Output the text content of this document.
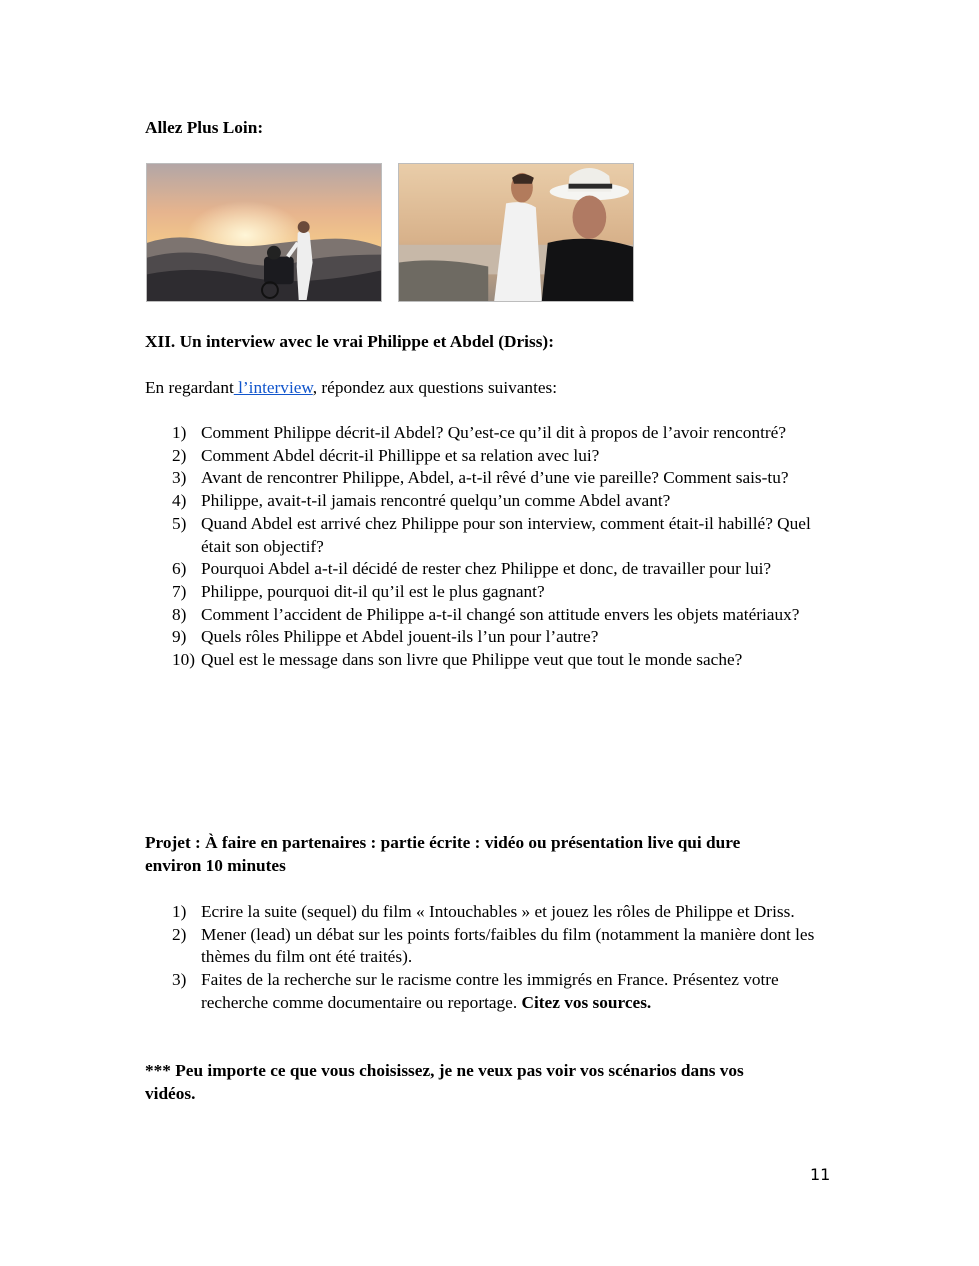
Allez Plus Loin:
XII. Un interview avec le vrai Philippe et Abdel (Driss):
En regardant l’interview, répondez aux questions suivantes:
1) Comment Philippe décrit-il Abdel? Qu’est-ce qu’il dit à propos de l’avoir rencontré?
2) Comment Abdel décrit-il Phillippe et sa relation avec lui?
3) Avant de rencontrer Philippe, Abdel, a-t-il rêvé d’une vie pareille? Comment sais-tu?
4) Philippe, avait-t-il jamais rencontré quelqu’un comme Abdel avant?
5) Quand Abdel est arrivé chez Philippe pour son interview, comment était-il habillé? Quel était son objectif?
6) Pourquoi Abdel a-t-il décidé de rester chez Philippe et donc, de travailler pour lui?
7) Philippe, pourquoi dit-il qu’il est le plus gagnant?
8) Comment l’accident de Philippe a-t-il changé son attitude envers les objets matériaux?
9) Quels rôles Philippe et Abdel jouent-ils l’un pour l’autre?
10) Quel est le message dans son livre que Philippe veut que tout le monde sache?
Projet : À faire en partenaires : partie écrite : vidéo ou présentation live qui dure
environ 10 minutes
1) Ecrire la suite (sequel) du film « Intouchables » et jouez les rôles de Philippe et Driss.
2) Mener (lead) un débat sur les points forts/faibles du film (notamment la manière dont les thèmes du film ont été traités).
3) Faites de la recherche sur le racisme contre les immigrés en France. Présentez votre recherche comme documentaire ou reportage. Citez vos sources.
*** Peu importe ce que vous choisissez, je ne veux pas voir vos scénarios dans vos
vidéos.
11
